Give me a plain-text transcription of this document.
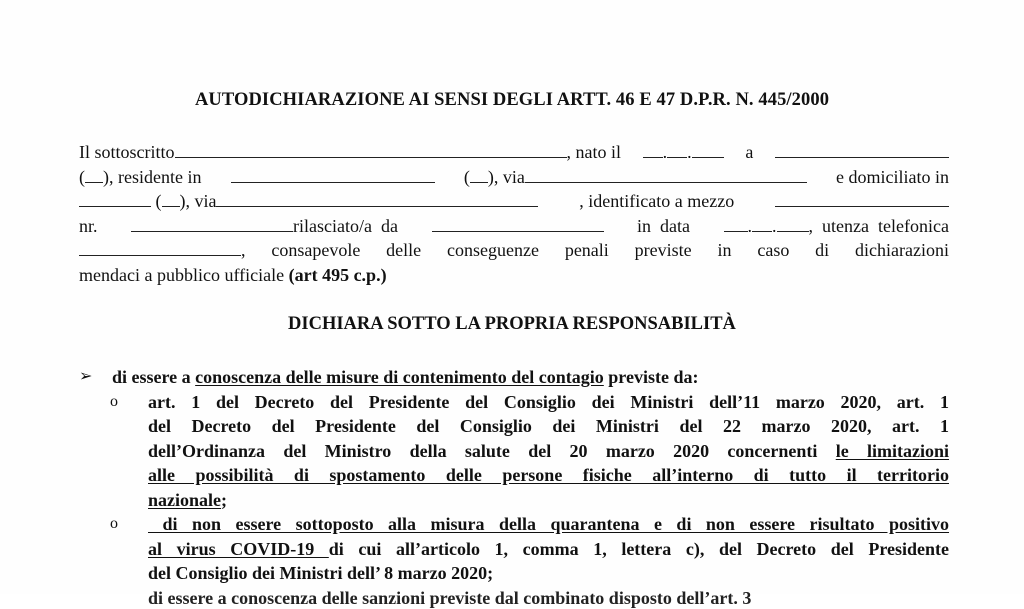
AUTODICHIARAZIONE AI SENSI DEGLI ARTT. 46 E 47 D.P.R. N. 445/2000
Il sottoscritto	, nato il	. .	a
( ), residente in	( ), via	e domiciliato in
( ), via	, identificato a mezzo
nr.	rilasciato/a  da	in  data	. . ,  utenza  telefonica
,  consapevole  delle  conseguenze  penali  previste  in  caso  di  dichiarazioni
mendaci a pubblico ufficiale (art 495 c.p.)
DICHIARA SOTTO LA PROPRIA RESPONSABILITÀ
➢ di essere a conoscenza delle misure di contenimento del contagio previste da:
o art. 1 del Decreto del Presidente del Consiglio dei Ministri dell’11 marzo 2020, art. 1
del Decreto del Presidente del Consiglio dei Ministri del 22 marzo 2020, art. 1
dell’Ordinanza del Ministro della salute del 20 marzo 2020 concernenti le limitazioni
alle possibilità di spostamento delle persone fisiche all’interno di tutto il territorio
nazionale;
o di non essere sottoposto alla misura della quarantena e di non essere risultato positivo
al virus COVID-19 di cui all’articolo 1, comma 1, lettera c), del Decreto del Presidente
del Consiglio dei Ministri dell’ 8 marzo 2020;
di essere a conoscenza delle sanzioni previste dal combinato disposto dell’art. 3
